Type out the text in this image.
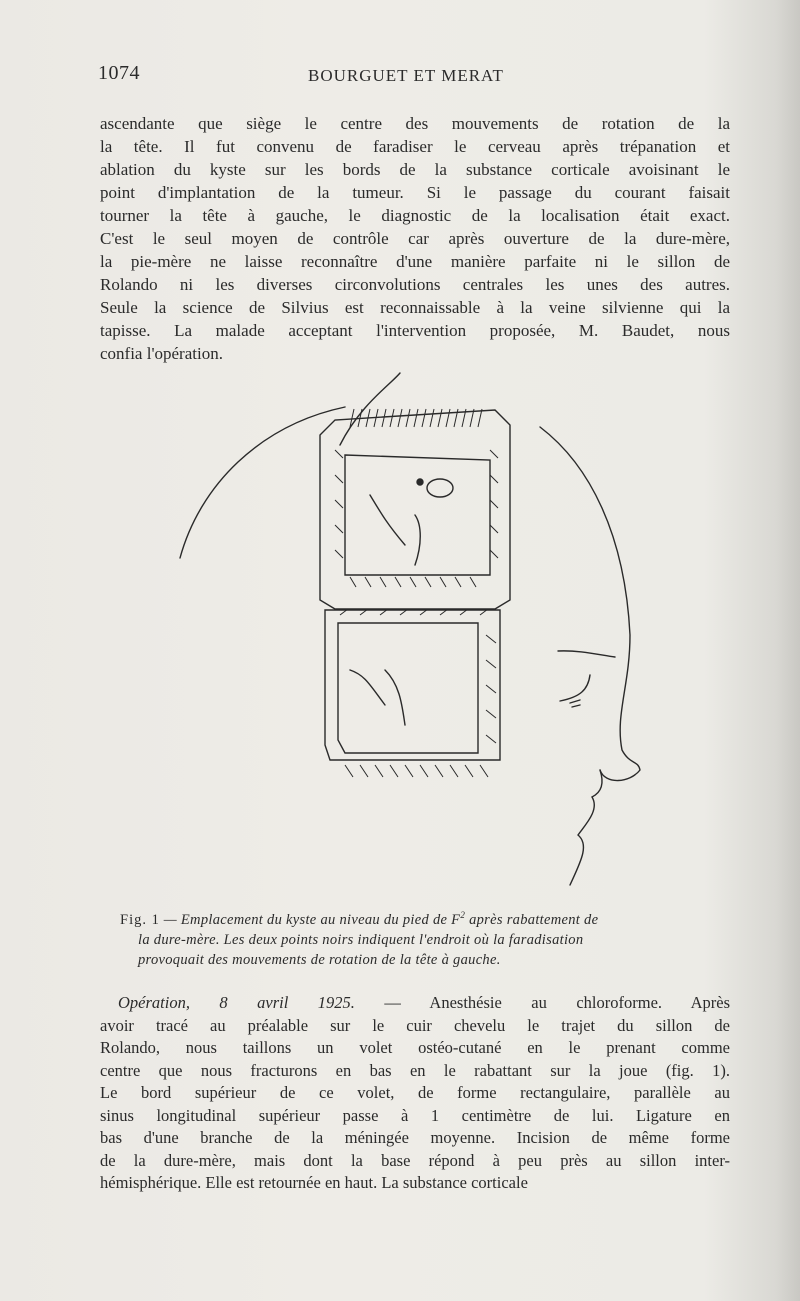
1074	BOURGUET ET MERAT

ascendante que siège le centre des mouvements de rotation de la
la tête. Il fut convenu de faradiser le cerveau après trépanation et
ablation du kyste sur les bords de la substance corticale avoisinant le
point d'implantation de la tumeur. Si le passage du courant faisait
tourner la tête à gauche, le diagnostic de la localisation était exact.
C'est le seul moyen de contrôle car après ouverture de la dure-mère,
la pie-mère ne laisse reconnaître d'une manière parfaite ni le sillon de
Rolando ni les diverses circonvolutions centrales les unes des autres.
Seule la science de Silvius est reconnaissable à la veine silvienne qui la
tapisse. La malade acceptant l'intervention proposée, M. Baudet, nous
confia l'opération.

Fig. 1 — Emplacement du kyste au niveau du pied de $F^2$ après rabattement de
la dure-mère. Les deux points noirs indiquent l'endroit où la faradisation
provoquait des mouvements de rotation de la tête à gauche.

Opération, 8 avril 1925. — Anesthésie au chloroforme. Après
avoir tracé au préalable sur le cuir chevelu le trajet du sillon de
Rolando, nous taillons un volet ostéo-cutané en le prenant comme
centre que nous fracturons en bas en le rabattant sur la joue (fig. 1).
Le bord supérieur de ce volet, de forme rectangulaire, parallèle au
sinus longitudinal supérieur passe à 1 centimètre de lui. Ligature en
bas d'une branche de la méningée moyenne. Incision de même forme
de la dure-mère, mais dont la base répond à peu près au sillon inter-
hémisphérique. Elle est retournée en haut. La substance corticale
